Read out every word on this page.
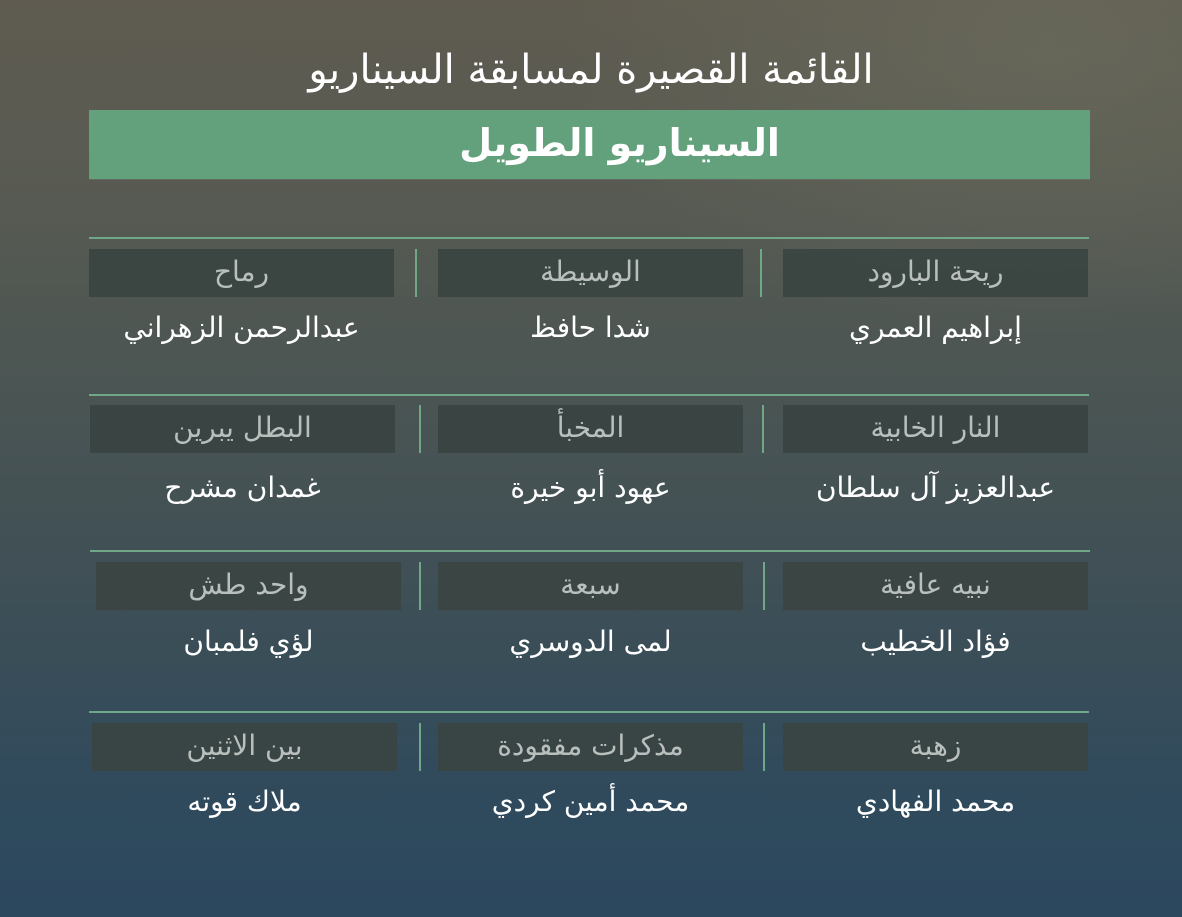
القائمة القصيرة لمسابقة السيناريو
السيناريو الطويل
ريحة البارود
الوسيطة
رماح
إبراهيم العمري
شدا حافظ
عبدالرحمن الزهراني
النار الخابية
المخبأ
البطل يبرين
عبدالعزيز آل سلطان
عهود أبو خيرة
غمدان مشرح
نبيه عافية
سبعة
واحد طش
فؤاد الخطيب
لمى الدوسري
لؤي فلمبان
زهبة
مذكرات مفقودة
بين الاثنين
محمد الفهادي
محمد أمين كردي
ملاك قوته
